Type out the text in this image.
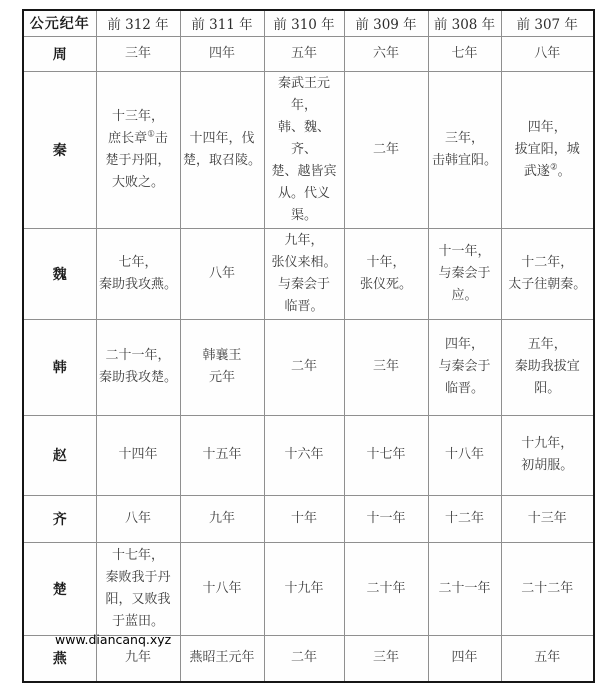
公元纪年	前 312 年	前 311 年	前 310 年	前 309 年	前 308 年	前 307 年
周	三年	四年	五年	六年	七年	八年
秦	十三年，
庶长章①击
楚于丹阳，
大败之。	十四年，伐
楚，取召陵。	秦武王元年，
韩、魏、齐、
楚、越皆宾
从。代义渠。	二年	三年，
击韩宜阳。	四年，
拔宜阳，城
武遂②。
魏	七年，
秦助我攻燕。	八年	九年，
张仪来相。
与秦会于
临晋。	十年，
张仪死。	十一年，
与秦会于
应。	十二年，
太子往朝秦。
韩	二十一年，
秦助我攻楚。	韩襄王
元年	二年	三年	四年，
与秦会于
临晋。	五年，
秦助我拔宜阳。
赵	十四年	十五年	十六年	十七年	十八年	十九年，
初胡服。
齐	八年	九年	十年	十一年	十二年	十三年
楚	十七年，
秦败我于丹
阳，又败我
于蓝田。	十八年	十九年	二十年	二十一年	二十二年
燕	九年	燕昭王元年	二年	三年	四年	五年
www.diancanq.xyz
